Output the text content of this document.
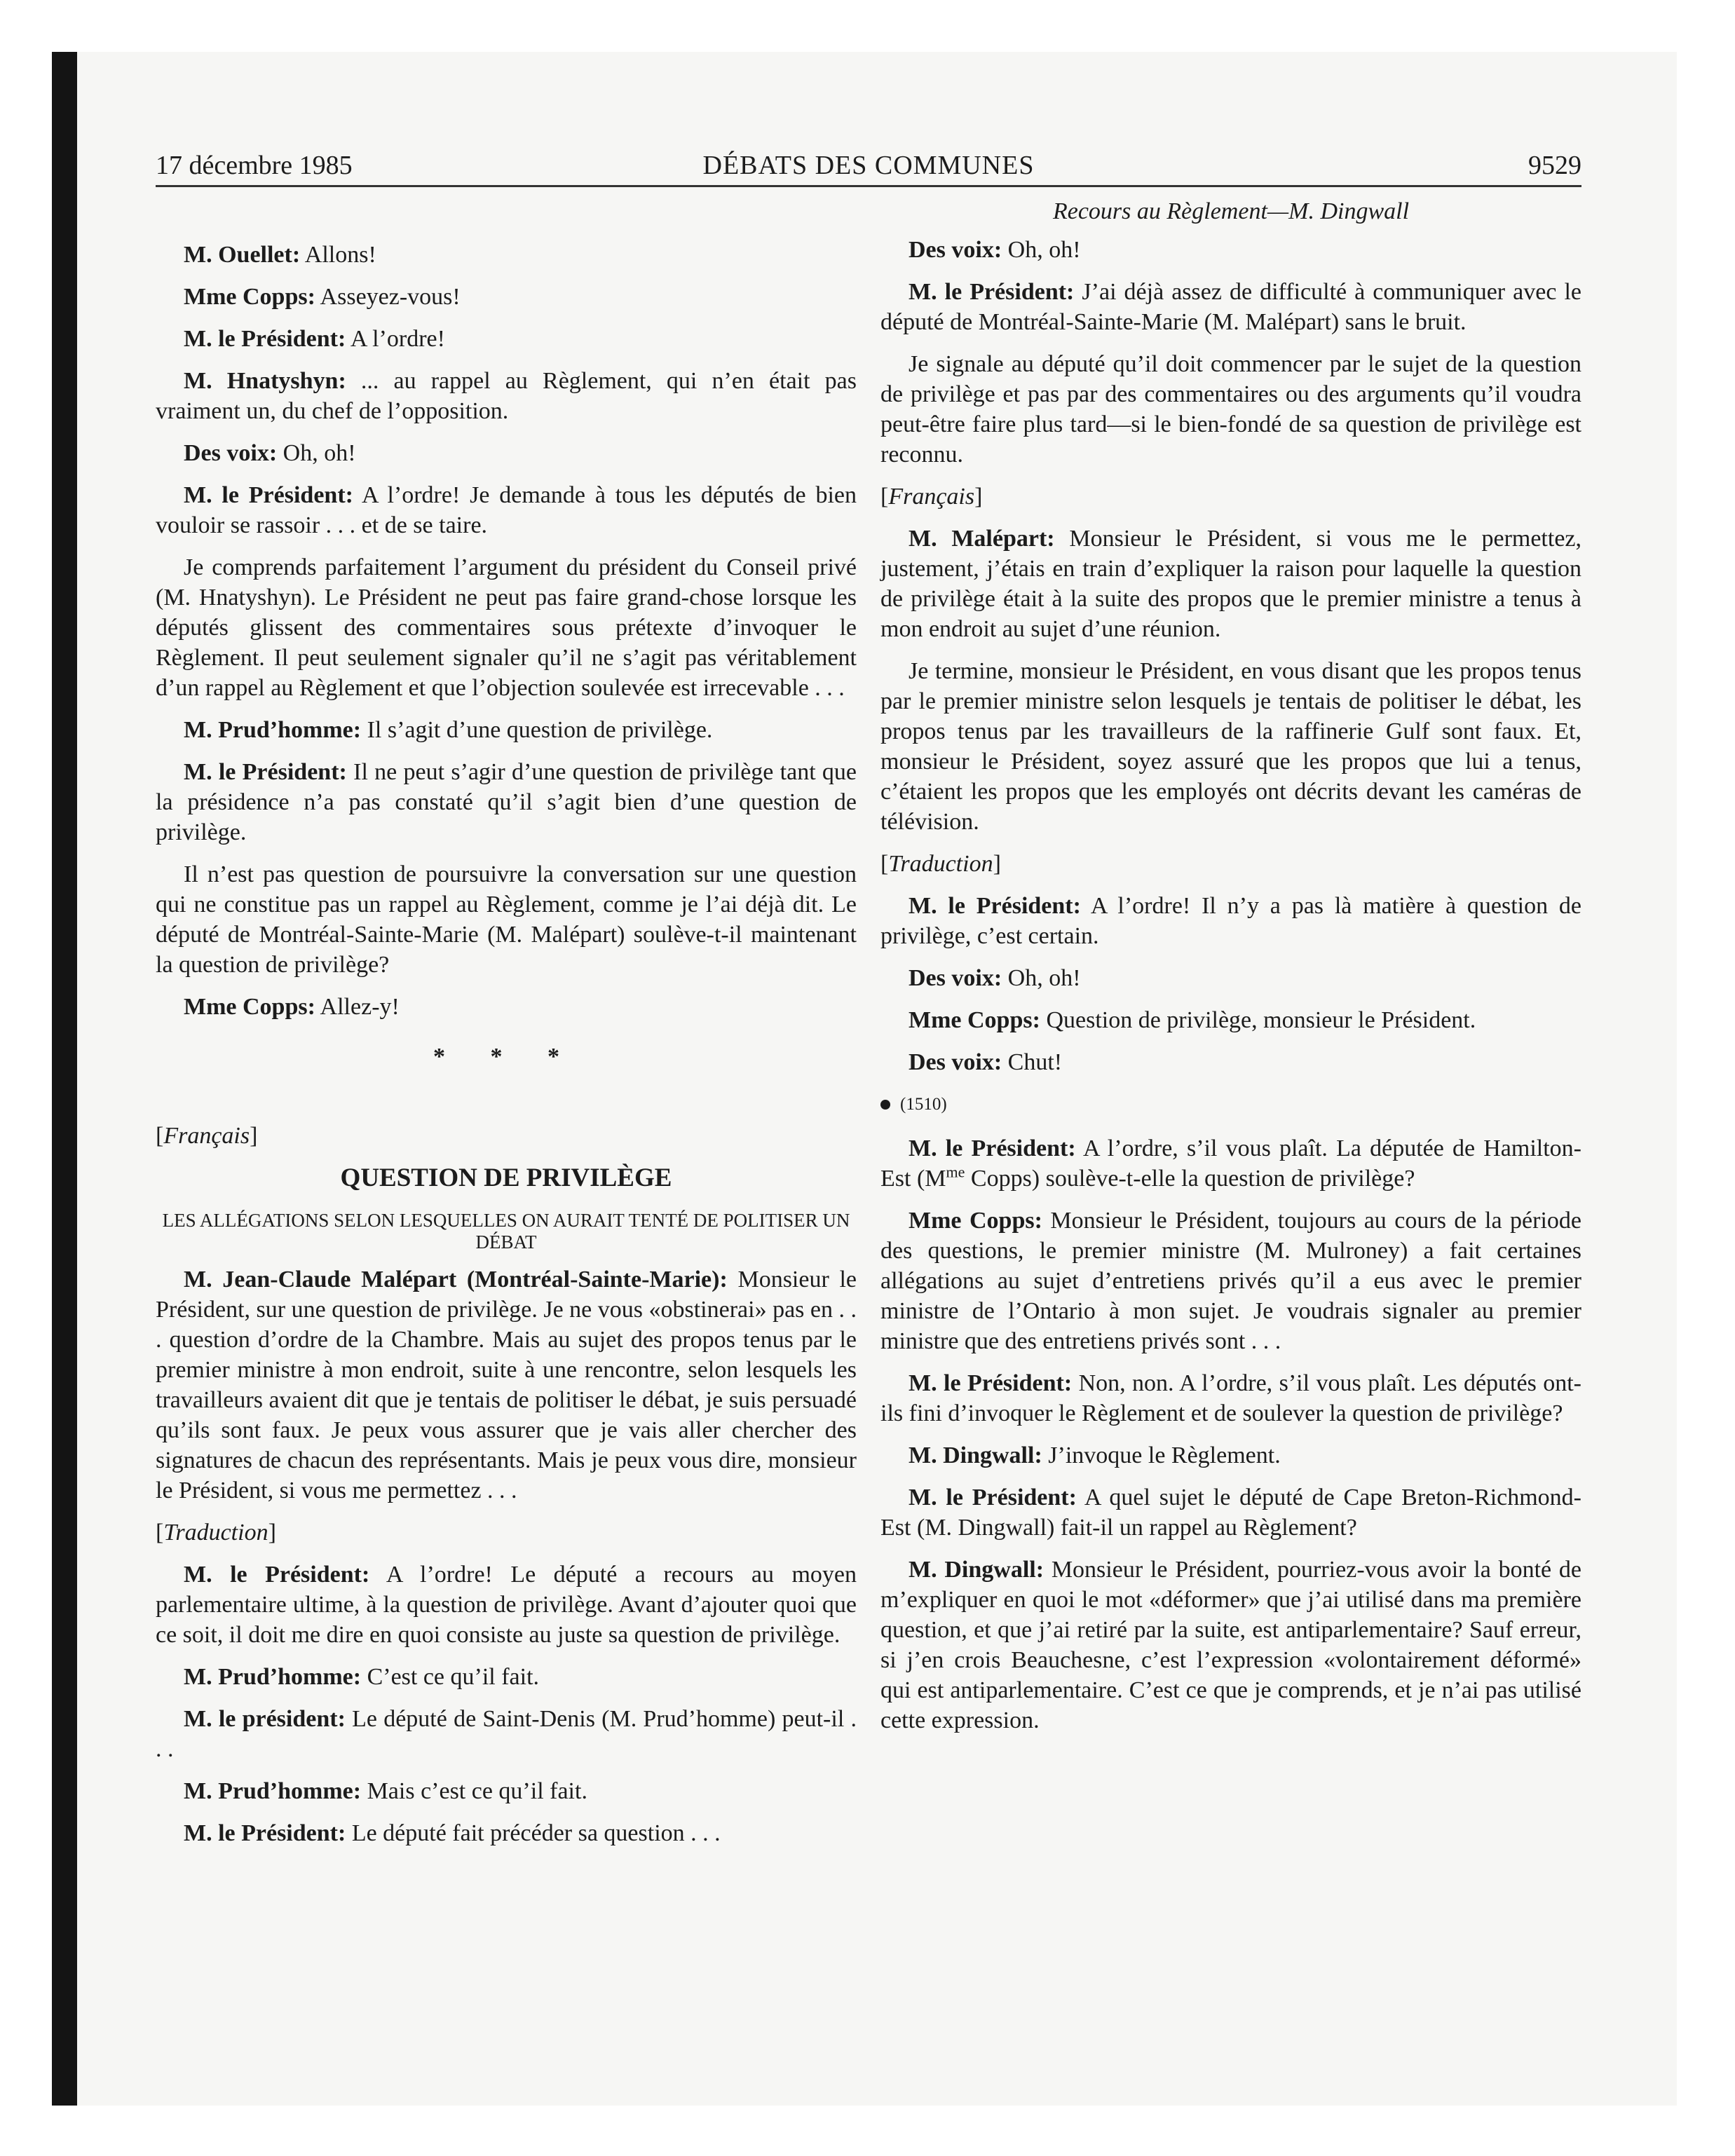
17 décembre 1985	DÉBATS DES COMMUNES	9529

M. Ouellet: Allons!

Mme Copps: Asseyez-vous!

M. le Président: A l’ordre!

M. Hnatyshyn: ... au rappel au Règlement, qui n’en était pas vraiment un, du chef de l’opposition.

Des voix: Oh, oh!

M. le Président: A l’ordre! Je demande à tous les députés de bien vouloir se rassoir . . . et de se taire.

Je comprends parfaitement l’argument du président du Conseil privé (M. Hnatyshyn). Le Président ne peut pas faire grand-chose lorsque les députés glissent des commentaires sous prétexte d’invoquer le Règlement. Il peut seulement signaler qu’il ne s’agit pas véritablement d’un rappel au Règlement et que l’objection soulevée est irrecevable . . .

M. Prud’homme: Il s’agit d’une question de privilège.

M. le Président: Il ne peut s’agir d’une question de privilège tant que la présidence n’a pas constaté qu’il s’agit bien d’une question de privilège.

Il n’est pas question de poursuivre la conversation sur une question qui ne constitue pas un rappel au Règlement, comme je l’ai déjà dit. Le député de Montréal-Sainte-Marie (M. Malépart) soulève-t-il maintenant la question de privilège?

Mme Copps: Allez-y!

* * *

[Français]

QUESTION DE PRIVILÈGE

LES ALLÉGATIONS SELON LESQUELLES ON AURAIT TENTÉ DE POLITISER UN DÉBAT

M. Jean-Claude Malépart (Montréal-Sainte-Marie): Monsieur le Président, sur une question de privilège. Je ne vous «obstinerai» pas en . . . question d’ordre de la Chambre. Mais au sujet des propos tenus par le premier ministre à mon endroit, suite à une rencontre, selon lesquels les travailleurs avaient dit que je tentais de politiser le débat, je suis persuadé qu’ils sont faux. Je peux vous assurer que je vais aller chercher des signatures de chacun des représentants. Mais je peux vous dire, monsieur le Président, si vous me permettez . . .

[Traduction]

M. le Président: A l’ordre! Le député a recours au moyen parlementaire ultime, à la question de privilège. Avant d’ajouter quoi que ce soit, il doit me dire en quoi consiste au juste sa question de privilège.

M. Prud’homme: C’est ce qu’il fait.

M. le président: Le député de Saint-Denis (M. Prud’homme) peut-il . . .

M. Prud’homme: Mais c’est ce qu’il fait.

M. le Président: Le député fait précéder sa question . . .

Recours au Règlement—M. Dingwall

Des voix: Oh, oh!

M. le Président: J’ai déjà assez de difficulté à communiquer avec le député de Montréal-Sainte-Marie (M. Malépart) sans le bruit.

Je signale au député qu’il doit commencer par le sujet de la question de privilège et pas par des commentaires ou des arguments qu’il voudra peut-être faire plus tard—si le bien-fondé de sa question de privilège est reconnu.

[Français]

M. Malépart: Monsieur le Président, si vous me le permettez, justement, j’étais en train d’expliquer la raison pour laquelle la question de privilège était à la suite des propos que le premier ministre a tenus à mon endroit au sujet d’une réunion.

Je termine, monsieur le Président, en vous disant que les propos tenus par le premier ministre selon lesquels je tentais de politiser le débat, les propos tenus par les travailleurs de la raffinerie Gulf sont faux. Et, monsieur le Président, soyez assuré que les propos que lui a tenus, c’étaient les propos que les employés ont décrits devant les caméras de télévision.

[Traduction]

M. le Président: A l’ordre! Il n’y a pas là matière à question de privilège, c’est certain.

Des voix: Oh, oh!

Mme Copps: Question de privilège, monsieur le Président.

Des voix: Chut!

(1510)

M. le Président: A l’ordre, s’il vous plaît. La députée de Hamilton-Est ($M^{me}$ Copps) soulève-t-elle la question de privilège?

Mme Copps: Monsieur le Président, toujours au cours de la période des questions, le premier ministre (M. Mulroney) a fait certaines allégations au sujet d’entretiens privés qu’il a eus avec le premier ministre de l’Ontario à mon sujet. Je voudrais signaler au premier ministre que des entretiens privés sont . . .

M. le Président: Non, non. A l’ordre, s’il vous plaît. Les députés ont-ils fini d’invoquer le Règlement et de soulever la question de privilège?

M. Dingwall: J’invoque le Règlement.

M. le Président: A quel sujet le député de Cape Breton-Richmond-Est (M. Dingwall) fait-il un rappel au Règlement?

M. Dingwall: Monsieur le Président, pourriez-vous avoir la bonté de m’expliquer en quoi le mot «déformer» que j’ai utilisé dans ma première question, et que j’ai retiré par la suite, est antiparlementaire? Sauf erreur, si j’en crois Beauchesne, c’est l’expression «volontairement déformé» qui est antiparlementaire. C’est ce que je comprends, et je n’ai pas utilisé cette expression.
